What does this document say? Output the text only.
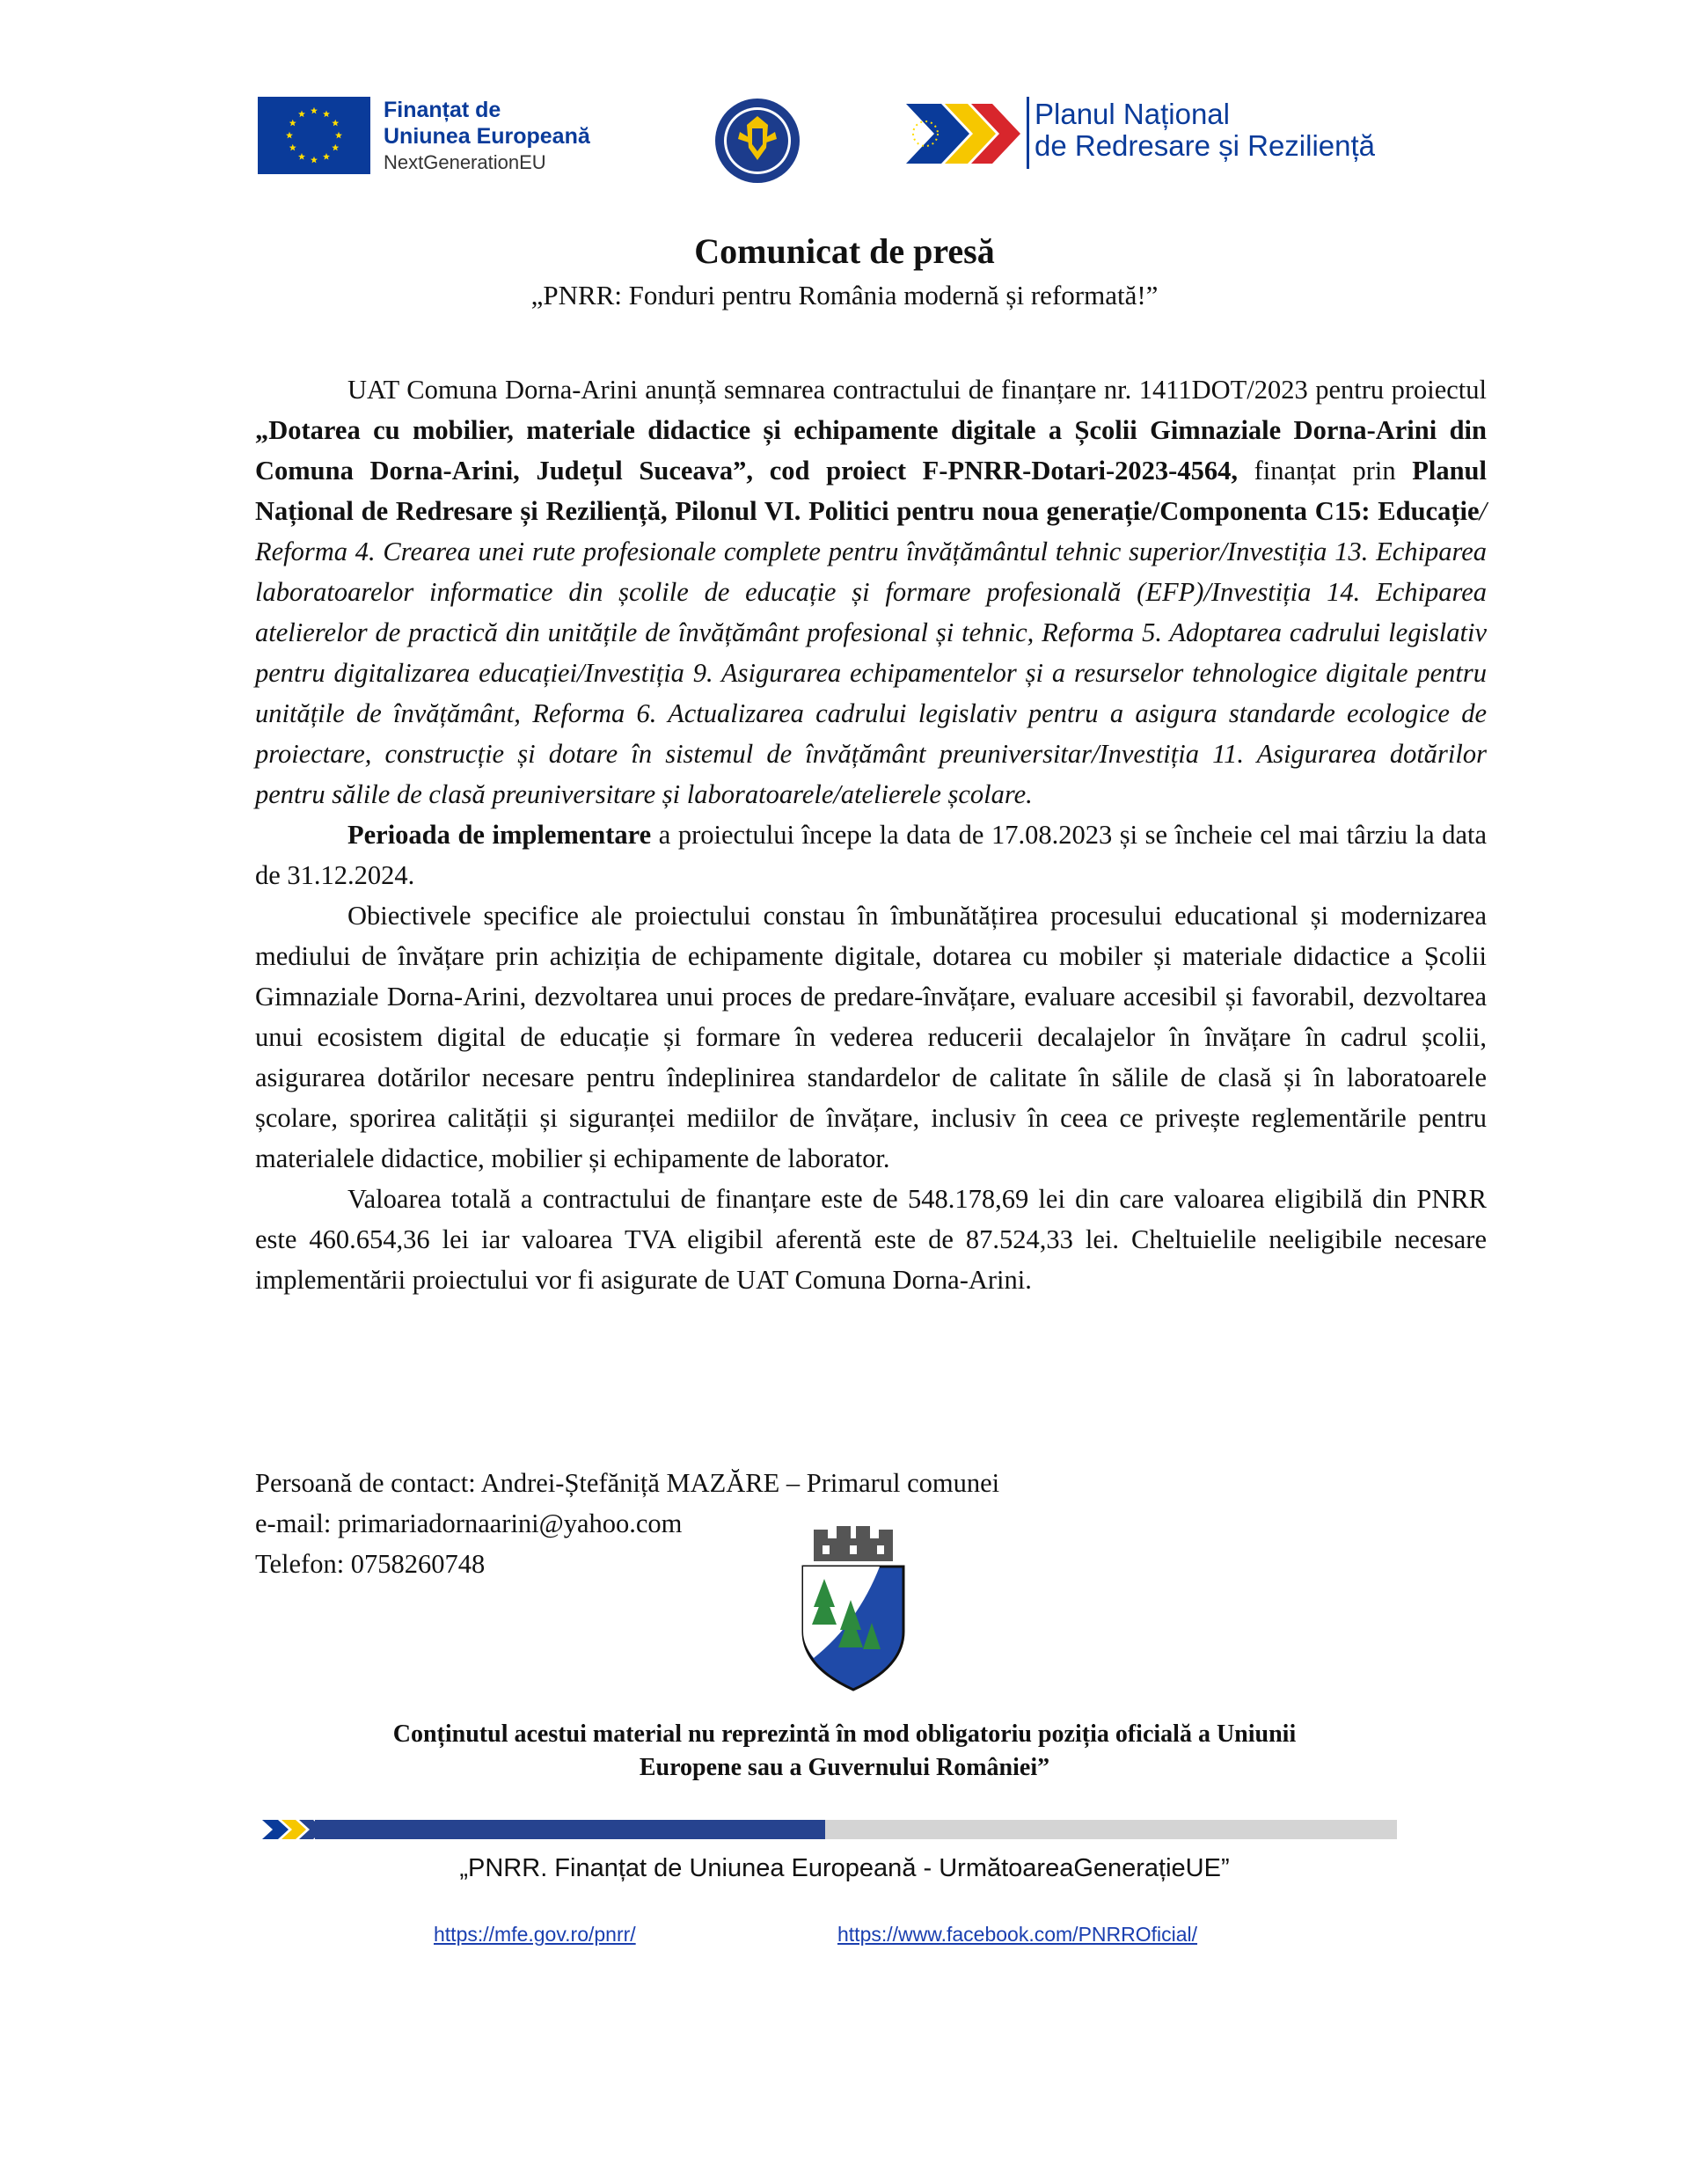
Finanțat de
Uniunea Europeană
NextGenerationEU
Planul Național
de Redresare și Reziliență
Comunicat de presă
„PNRR: Fonduri pentru România modernă și reformată!”

UAT Comuna Dorna-Arini anunță semnarea contractului de finanțare nr. 1411DOT/2023 pentru proiectul „Dotarea cu mobilier, materiale didactice și echipamente digitale a Școlii Gimnaziale Dorna-Arini din Comuna Dorna-Arini, Județul Suceava”, cod proiect F-PNRR-Dotari-2023-4564, finanțat prin Planul Național de Redresare și Reziliență, Pilonul VI. Politici pentru noua generație/Componenta C15: Educație/ Reforma 4. Crearea unei rute profesionale complete pentru învățământul tehnic superior/Investiția 13. Echiparea laboratoarelor informatice din școlile de educație și formare profesională (EFP)/Investiția 14. Echiparea atelierelor de practică din unitățile de învățământ profesional și tehnic, Reforma 5. Adoptarea cadrului legislativ pentru digitalizarea educației/Investiția 9. Asigurarea echipamentelor și a resurselor tehnologice digitale pentru unitățile de învățământ, Reforma 6. Actualizarea cadrului legislativ pentru a asigura standarde ecologice de proiectare, construcție și dotare în sistemul de învățământ preuniversitar/Investiția 11. Asigurarea dotărilor pentru sălile de clasă preuniversitare și laboratoarele/atelierele școlare.

Perioada de implementare a proiectului începe la data de 17.08.2023 și se încheie cel mai târziu la data de 31.12.2024.

Obiectivele specifice ale proiectului constau în îmbunătățirea procesului educational și modernizarea mediului de învățare prin achiziția de echipamente digitale, dotarea cu mobiler și materiale didactice a Școlii Gimnaziale Dorna-Arini, dezvoltarea unui proces de predare-învățare, evaluare accesibil și favorabil, dezvoltarea unui ecosistem digital de educație și formare în vederea reducerii decalajelor în învățare în cadrul școlii, asigurarea dotărilor necesare pentru îndeplinirea standardelor de calitate în sălile de clasă și în laboratoarele școlare, sporirea calității și siguranței mediilor de învățare, inclusiv în ceea ce privește reglementările pentru materialele didactice, mobilier și echipamente de laborator.

Valoarea totală a contractului de finanțare este de 548.178,69 lei din care valoarea eligibilă din PNRR este 460.654,36 lei iar valoarea TVA eligibil aferentă este de 87.524,33 lei. Cheltuielile neeligibile necesare implementării proiectului vor fi asigurate de UAT Comuna Dorna-Arini.

Persoană de contact: Andrei-Ștefăniță MAZĂRE – Primarul comunei
e-mail: primariadornaarini@yahoo.com
Telefon: 0758260748
Conținutul acestui material nu reprezintă în mod obligatoriu poziția oficială a Uniunii
Europene sau a Guvernului României”
„PNRR. Finanțat de Uniunea Europeană - UrmătoareaGenerațieUE”
https://mfe.gov.ro/pnrr/	https://www.facebook.com/PNRROficial/
